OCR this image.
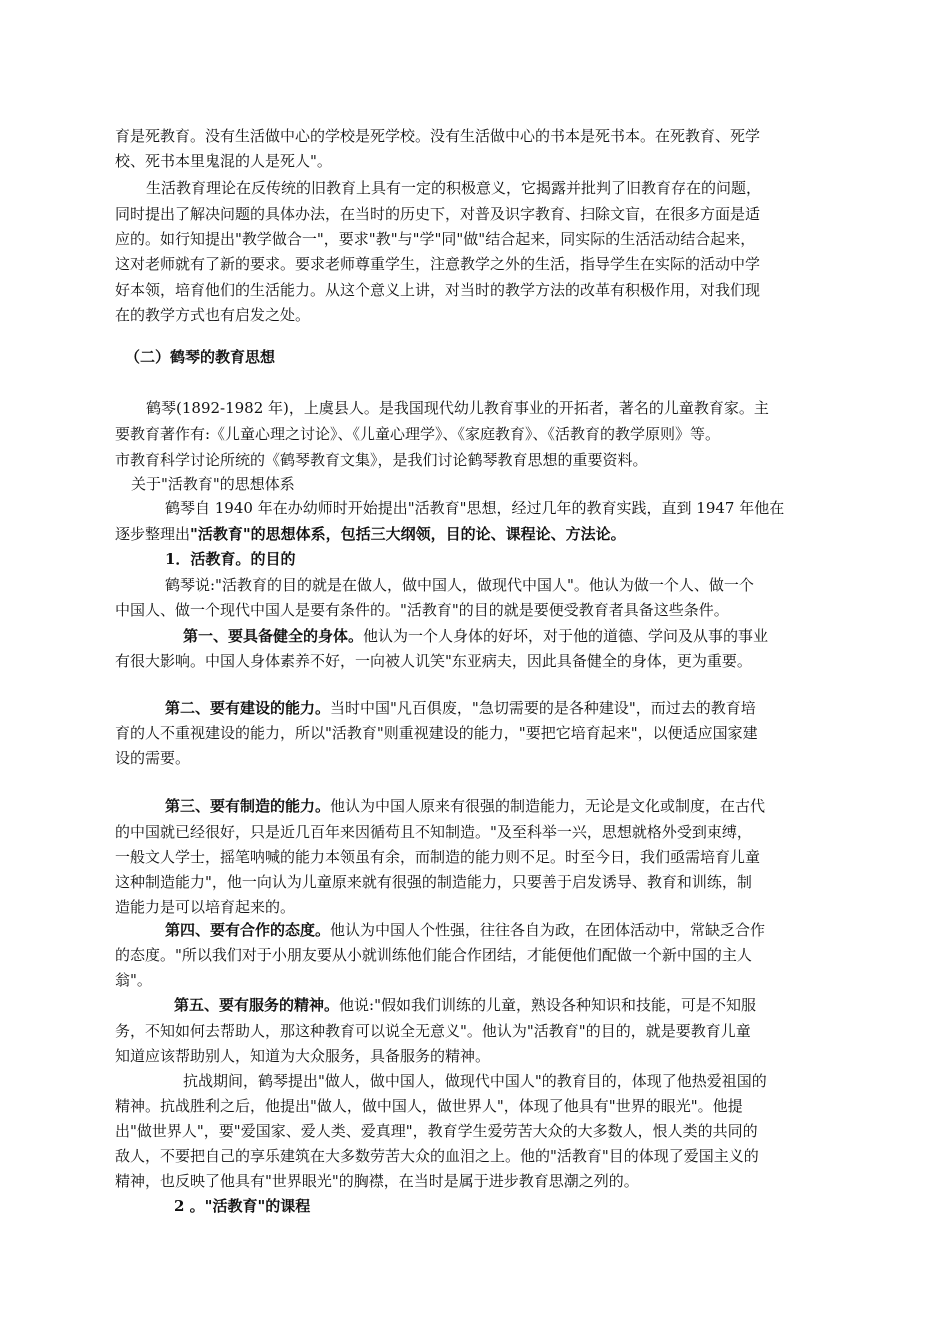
育是死教育。没有生活做中心的学校是死学校。没有生活做中心的书本是死书本。在死教育、死学
校、死书本里鬼混的人是死人"。
生活教育理论在反传统的旧教育上具有一定的积极意义，它揭露并批判了旧教育存在的问题，
同时提出了解决问题的具体办法，在当时的历史下，对普及识字教育、扫除文盲，在很多方面是适
应的。如行知提出"教学做合一"，要求"教"与"学"同"做"结合起来，同实际的生活活动结合起来，
这对老师就有了新的要求。要求老师尊重学生，注意教学之外的生活，指导学生在实际的活动中学
好本领，培育他们的生活能力。从这个意义上讲，对当时的教学方法的改革有积极作用，对我们现
在的教学方式也有启发之处。
（二）鹤琴的教育思想
鹤琴(1892-1982 年)，上虞县人。是我国现代幼儿教育事业的开拓者，著名的儿童教育家。主
要教育著作有:《儿童心理之讨论》、《儿童心理学》、《家庭教育》、《活教育的教学原则》等。
市教育科学讨论所统的《鹤琴教育文集》，是我们讨论鹤琴教育思想的重要资料。
关于"活教育"的思想体系
鹤琴自 1940 年在办幼师时开始提出"活教育"思想，经过几年的教育实践，直到 1947 年他在
逐步整理出"活教育"的思想体系，包括三大纲领，目的论、课程论、方法论。
1．活教育。的目的
鹤琴说:"活教育的目的就是在做人，做中国人，做现代中国人"。他认为做一个人、做一个
中国人、做一个现代中国人是要有条件的。"活教育"的目的就是要便受教育者具备这些条件。
第一、要具备健全的身体。他认为一个人身体的好坏，对于他的道德、学问及从事的事业
有很大影响。中国人身体素养不好，一向被人讥笑"东亚病夫，因此具备健全的身体，更为重要。
第二、要有建设的能力。当时中国"凡百俱废，"急切需要的是各种建设"，而过去的教育培
育的人不重视建设的能力，所以"活教育"则重视建设的能力，"要把它培育起来"，以便适应国家建
设的需要。
第三、要有制造的能力。他认为中国人原来有很强的制造能力，无论是文化或制度，在古代
的中国就已经很好，只是近几百年来因循苟且不知制造。"及至科举一兴，思想就格外受到束缚，
一般文人学士，摇笔呐喊的能力本领虽有余，而制造的能力则不足。时至今日，我们亟需培育儿童
这种制造能力"，他一向认为儿童原来就有很强的制造能力，只要善于启发诱导、教育和训练，制
造能力是可以培育起来的。
第四、要有合作的态度。他认为中国人个性强，往往各自为政，在团体活动中，常缺乏合作
的态度。"所以我们对于小朋友要从小就训练他们能合作团结，才能便他们配做一个新中国的主人
翁"。
第五、要有服务的精神。他说:"假如我们训练的儿童，熟设各种知识和技能，可是不知服
务，不知如何去帮助人，那这种教育可以说全无意义"。他认为"活教育"的目的，就是要教育儿童
知道应该帮助别人，知道为大众服务，具备服务的精神。
抗战期间，鹤琴提出"做人，做中国人，做现代中国人"的教育目的，体现了他热爱祖国的
精神。抗战胜利之后，他提出"做人，做中国人，做世界人"，体现了他具有"世界的眼光"。他提
出"做世界人"，要"爱国家、爱人类、爱真理"，教育学生爱劳苦大众的大多数人，恨人类的共同的
敌人，不要把自己的享乐建筑在大多数劳苦大众的血泪之上。他的"活教育"目的体现了爱国主义的
精神，也反映了他具有"世界眼光"的胸襟，在当时是属于进步教育思潮之列的。
2 。"活教育"的课程
